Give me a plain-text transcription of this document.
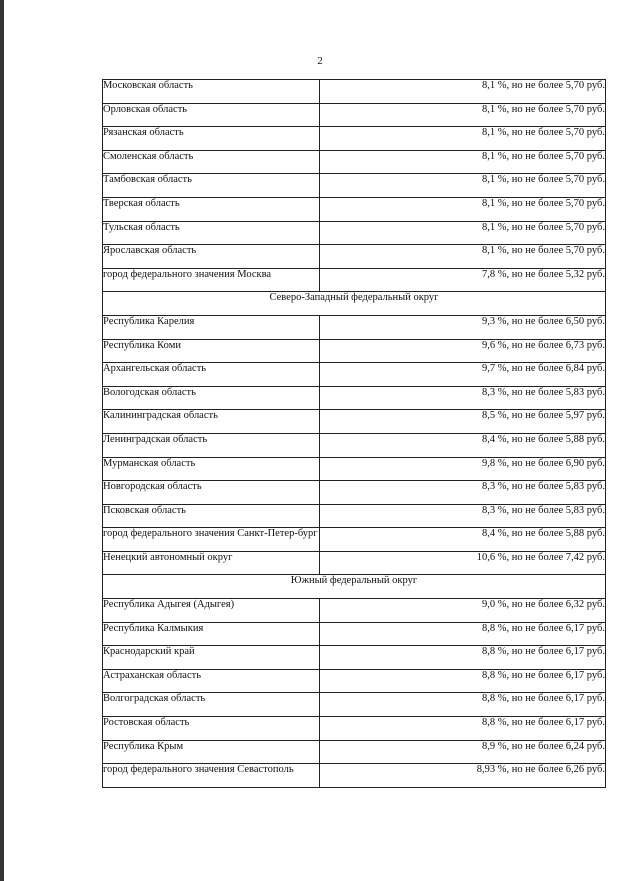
2
Московская область	8,1 %, но не более 5,70 руб.
Орловская область	8,1 %, но не более 5,70 руб.
Рязанская область	8,1 %, но не более 5,70 руб.
Смоленская область	8,1 %, но не более 5,70 руб.
Тамбовская область	8,1 %, но не более 5,70 руб.
Тверская область	8,1 %, но не более 5,70 руб.
Тульская область	8,1 %, но не более 5,70 руб.
Ярославская область	8,1 %, но не более 5,70 руб.
город федерального значения Москва	7,8 %, но не более 5,32 руб.
Северо-Западный федеральный округ	
Республика Карелия	9,3 %, но не более 6,50 руб.
Республика Коми	9,6 %, но не более 6,73 руб.
Архангельская область	9,7 %, но не более 6,84 руб.
Вологодская область	8,3 %, но не более 5,83 руб.
Калининградская область	8,5 %, но не более 5,97 руб.
Ленинградская область	8,4 %, но не более 5,88 руб.
Мурманская область	9,8 %, но не более 6,90 руб.
Новгородская область	8,3 %, но не более 5,83 руб.
Псковская область	8,3 %, но не более 5,83 руб.
город федерального значения Санкт-Петер-бург	8,4 %, но не более 5,88 руб.
Ненецкий автономный округ	10,6 %, но не более 7,42 руб.
Южный федеральный округ	
Республика Адыгея (Адыгея)	9,0 %, но не более 6,32 руб.
Республика Калмыкия	8,8 %, но не более 6,17 руб.
Краснодарский край	8,8 %, но не более 6,17 руб.
Астраханская область	8,8 %, но не более 6,17 руб.
Волгоградская область	8,8 %, но не более 6,17 руб.
Ростовская область	8,8 %, но не более 6,17 руб.
Республика Крым	8,9 %, но не более 6,24 руб.
город федерального значения Севастополь	8,93 %, но не более 6,26 руб.
